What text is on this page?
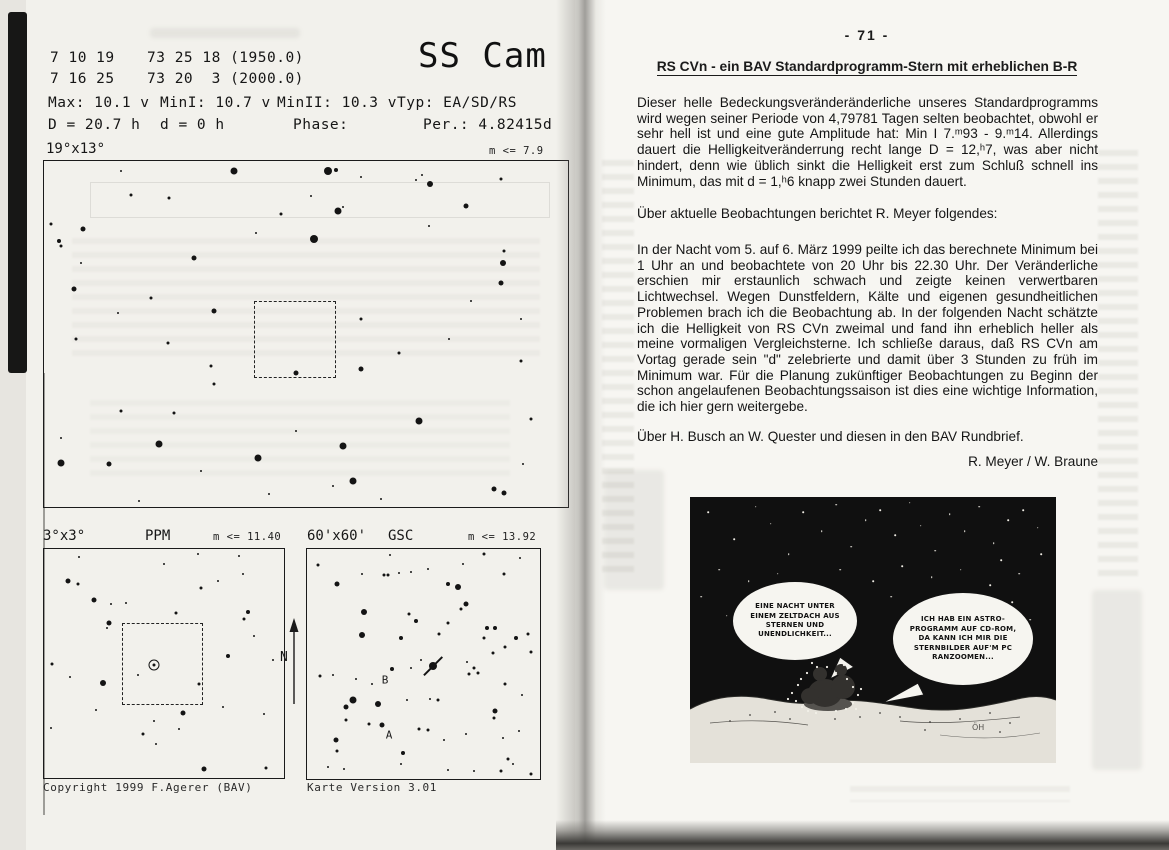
7 10 19 73 25 18 (1950.0)
7 16 25 73 20  3 (2000.0)
SS Cam
Max: 10.1 v MinI: 10.7 v MinII: 10.3 v Typ: EA/SD/RS
D = 20.7 h d = 0 h	Phase:	Per.: 4.82415d
19°x13°	m <= 7.9
3°x3°	PPM	m <= 11.40 60'x60' GSC	m <= 13.92
N
B
A
Copyright 1999 F.Agerer (BAV)	Karte Version 3.01
- 71 -
RS CVn - ein BAV Standardprogramm-Stern mit erheblichen B-R
Dieser helle Bedeckungsveränderänderliche unseres Standardprogramms wird wegen seiner Periode von 4,79781 Tagen selten beobachtet, obwohl er sehr hell ist und eine gute Amplitude hat: Min I 7.ᵐ93 - 9.ᵐ14. Allerdings dauert die Helligkeitveränderrung recht lange D = 12,ʰ7, was aber nicht hindert, denn wie üblich sinkt die Helligkeit erst zum Schluß schnell ins Minimum, das mit d = 1,ʰ6 knapp zwei Stunden dauert.
Über aktuelle Beobachtungen berichtet R. Meyer folgendes:
In der Nacht vom 5. auf 6. März 1999 peilte ich das berechnete Minimum bei 1 Uhr an und beobachtete von 20 Uhr bis 22.30 Uhr. Der Veränderliche erschien mir erstaunlich schwach und zeigte keinen verwertbaren Lichtwechsel. Wegen Dunstfeldern, Kälte und eigenen gesundheitlichen Problemen brach ich die Beobachtung ab. In der folgenden Nacht schätzte ich die Helligkeit von RS CVn zweimal und fand ihn erheblich heller als meine vormaligen Vergleichsterne. Ich schließe daraus, daß RS CVn am Vortag gerade sein "d" zelebrierte und damit über 3 Stunden zu früh im Minimum war. Für die Planung zukünftiger Beobachtungen zu Beginn der schon angelaufenen Beobachtungssaison ist dies eine wichtige Information, die ich hier gern weitergebe.
Über H. Busch an W. Quester und diesen in den BAV Rundbrief.
R. Meyer / W. Braune
ÖH
EINE NACHT UNTER EINEM ZELTDACH AUS STERNEN UND UNENDLICHKEIT...
ICH HAB EIN ASTRO-PROGRAMM AUF CD-ROM, DA KANN ICH MIR DIE STERNBILDER AUF'M PC RANZOOMEN...
